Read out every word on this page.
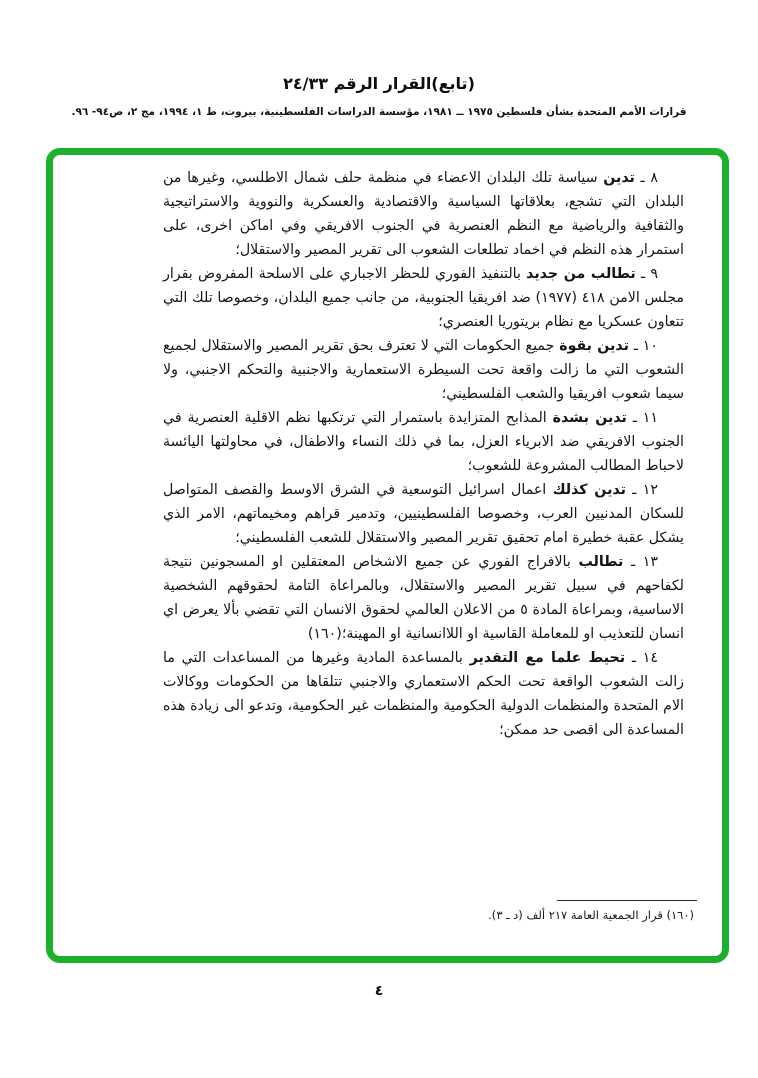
(تابع)القرار الرقم ٢٤/٣٣
قرارات الأمم المتحدة بشأن فلسطين ١٩٧٥ ــ ١٩٨١، مؤسسة الدراسات الفلسطينية، بيروت، ط ١، ١٩٩٤، مج ٢، ص٩٤- ٩٦.

٨ ـ تدين سياسة تلك البلدان الاعضاء في منظمة حلف شمال الاطلسي، وغيرها من البلدان التي تشجع، بعلاقاتها السياسية والاقتصادية والعسكرية والنووية والاستراتيجية والثقافية والرياضية مع النظم العنصرية في الجنوب الافريقي وفي اماكن اخرى، على استمرار هذه النظم في اخماد تطلعات الشعوب الى تقرير المصير والاستقلال؛

٩ ـ تطالب من جديد بالتنفيذ الفوري للحظر الاجباري على الاسلحة المفروض بقرار مجلس الامن ٤١٨ (١٩٧٧) ضد افريقيا الجنوبية، من جانب جميع البلدان، وخصوصا تلك التي تتعاون عسكريا مع نظام بريتوريا العنصري؛

١٠ ـ تدين بقوة جميع الحكومات التي لا تعترف بحق تقرير المصير والاستقلال لجميع الشعوب التي ما زالت واقعة تحت السيطرة الاستعمارية والاجنبية والتحكم الاجنبي، ولا سيما شعوب افريقيا والشعب الفلسطيني؛

١١ ـ تدين بشدة المذابح المتزايدة باستمرار التي ترتكبها نظم الاقلية العنصرية في الجنوب الافريقي ضد الابرياء العزل، بما في ذلك النساء والاطفال، في محاولتها اليائسة لاحباط المطالب المشروعة للشعوب؛

١٢ ـ تدين كذلك اعمال اسرائيل التوسعية في الشرق الاوسط والقصف المتواصل للسكان المدنيين العرب، وخصوصا الفلسطينيين، وتدمير قراهم ومخيماتهم، الامر الذي يشكل عقبة خطيرة امام تحقيق تقرير المصير والاستقلال للشعب الفلسطيني؛

١٣ ـ تطالب بالافراج الفوري عن جميع الاشخاص المعتقلين او المسجونين نتيجة لكفاحهم في سبيل تقرير المصير والاستقلال، وبالمراعاة التامة لحقوقهم الشخصية الاساسية، وبمراعاة المادة ٥ من الاعلان العالمي لحقوق الانسان التي تقضي بألا يعرض اي انسان للتعذيب او للمعاملة القاسية او اللاانسانية او المهينة؛(١٦٠)

١٤ ـ تحيط علما مع التقدير بالمساعدة المادية وغيرها من المساعدات التي ما زالت الشعوب الواقعة تحت الحكم الاستعماري والاجنبي تتلقاها من الحكومات ووكالات الام المتحدة والمنظمات الدولية الحكومية والمنظمات غير الحكومية، وتدعو الى زيادة هذه المساعدة الى اقصى حد ممكن؛

(١٦٠) قرار الجمعية العامة ٢١٧ ألف (د ـ ٣).
٤
